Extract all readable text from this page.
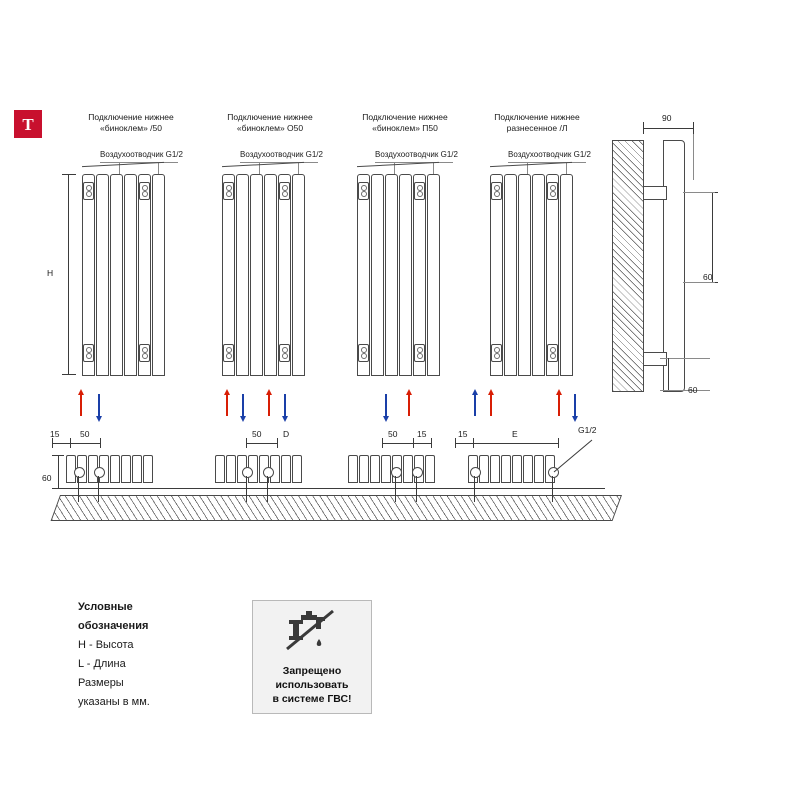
T	Подключение нижнее
«биноклем» /50
Воздухоотводчик G1/2
Н
Подключение нижнее
«биноклем» О50
Воздухоотводчик G1/2
Подключение нижнее
«биноклем» П50
Воздухоотводчик G1/2
Подключение нижнее
разнесенное /Л
Воздухоотводчик G1/2
90
60
60
15 50
60
50	D	50 15	15	E	G1/2
Условные
обозначения
Н - Высота
L - Длина
Размеры
указаны в мм.
Запрещено
использовать
в системе ГВС!
